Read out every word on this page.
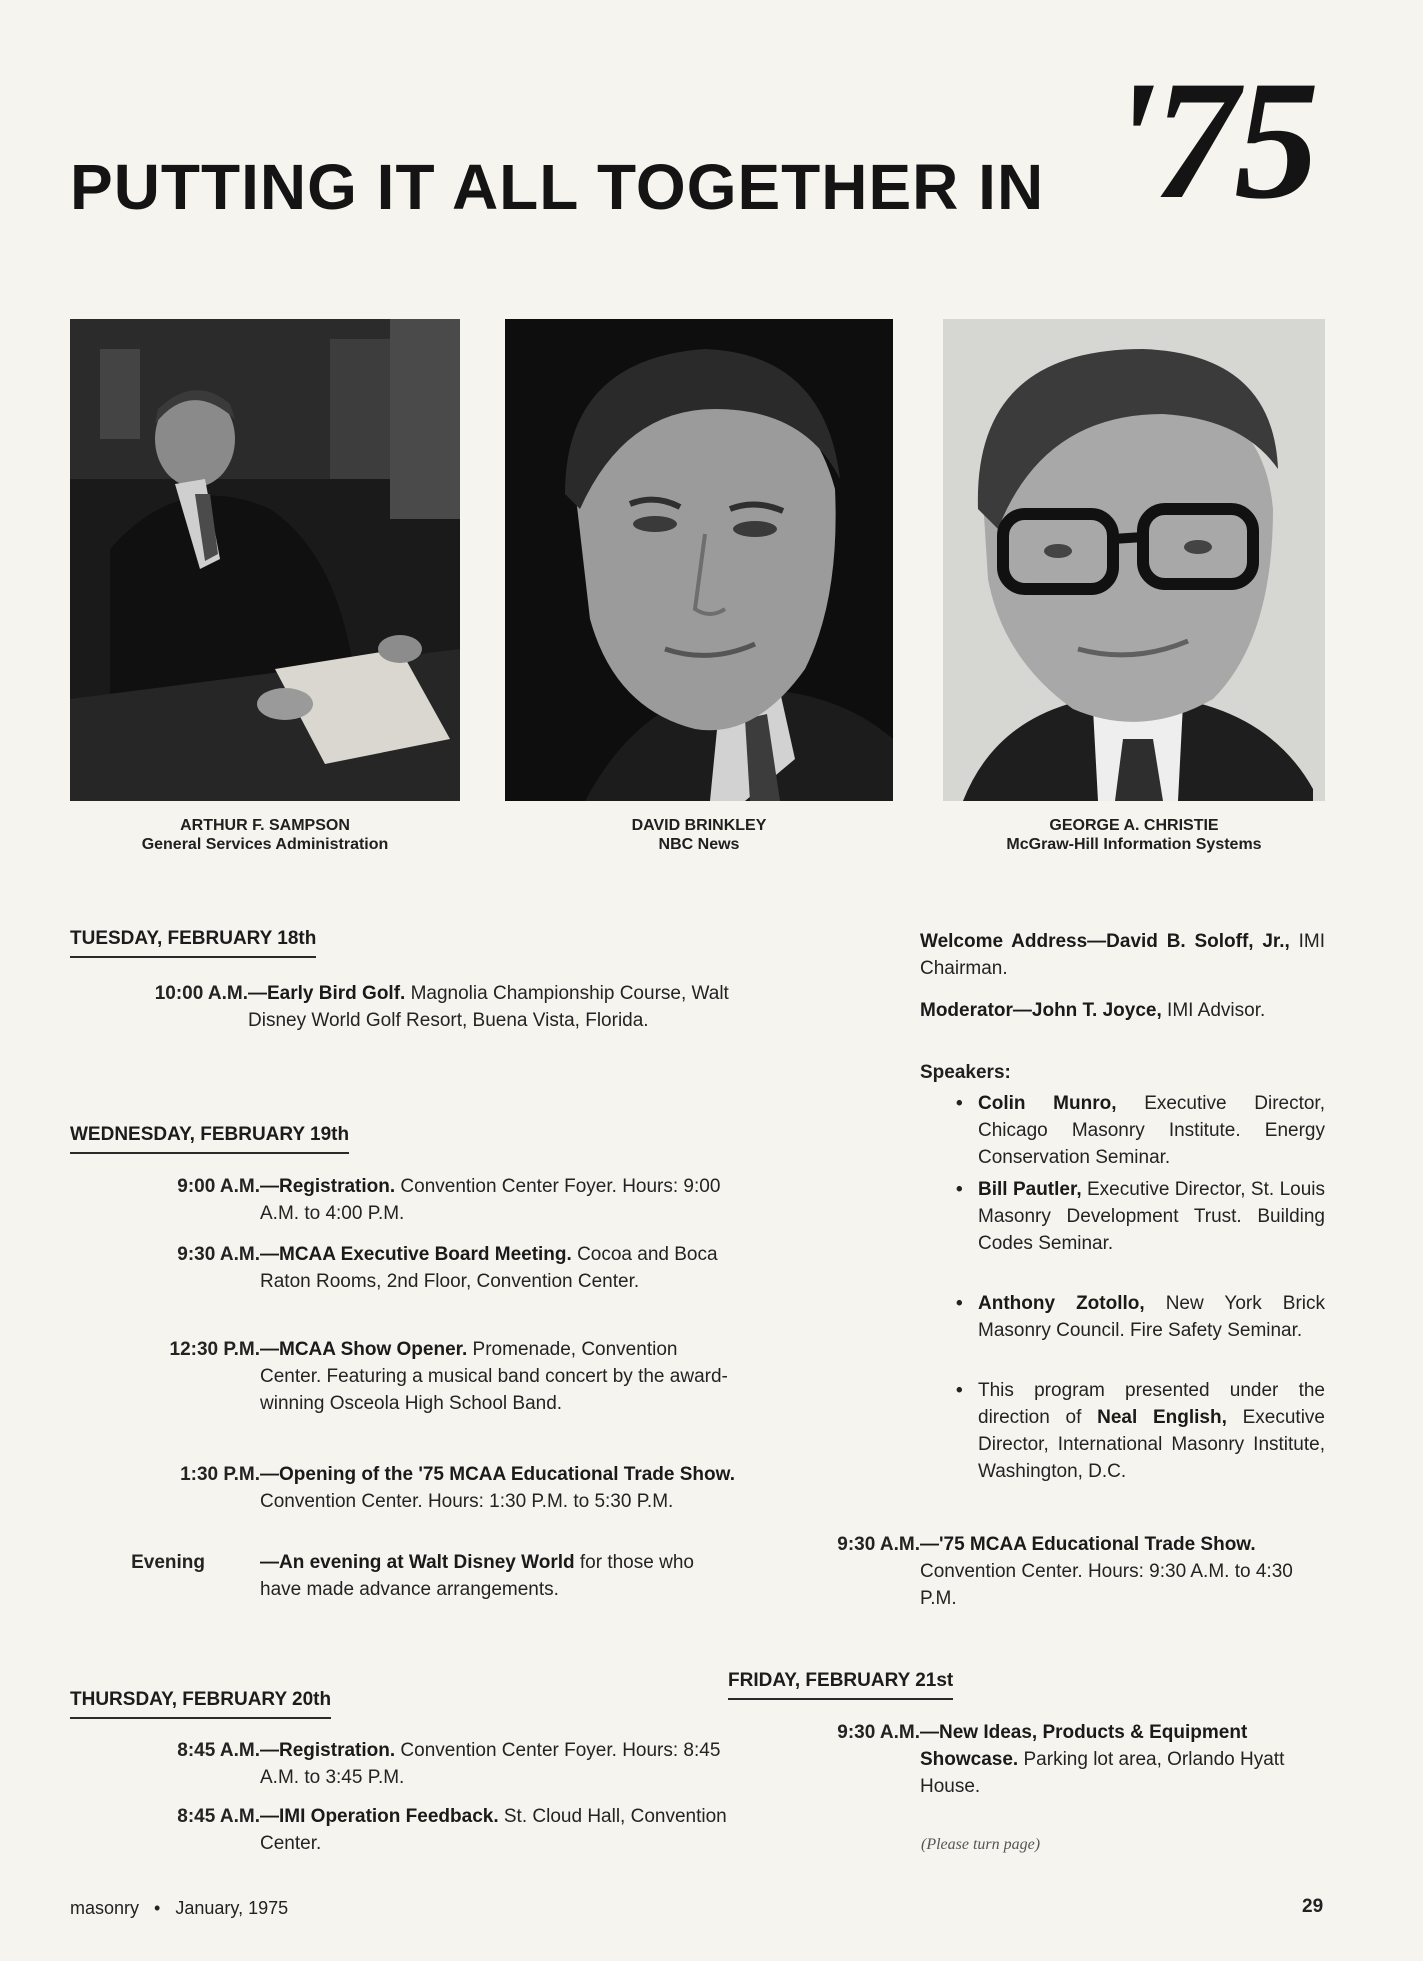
PUTTING IT ALL TOGETHER IN '75
ARTHUR F. SAMPSON
General Services Administration
DAVID BRINKLEY
NBC News
GEORGE A. CHRISTIE
McGraw-Hill Information Systems
TUESDAY, FEBRUARY 18th
10:00 A.M. —Early Bird Golf. Magnolia Championship Course, Walt Disney World Golf Resort, Buena Vista, Florida.
WEDNESDAY, FEBRUARY 19th
9:00 A.M. —Registration. Convention Center Foyer. Hours: 9:00 A.M. to 4:00 P.M.
9:30 A.M. —MCAA Executive Board Meeting. Cocoa and Boca Raton Rooms, 2nd Floor, Convention Center.
12:30 P.M. —MCAA Show Opener. Promenade, Convention Center. Featuring a musical band concert by the award-winning Osceola High School Band.
1:30 P.M. —Opening of the '75 MCAA Educational Trade Show. Convention Center. Hours: 1:30 P.M. to 5:30 P.M.
Evening	—An evening at Walt Disney World for those who have made advance arrangements.
THURSDAY, FEBRUARY 20th
8:45 A.M. —Registration. Convention Center Foyer. Hours: 8:45 A.M. to 3:45 P.M.
8:45 A.M. —IMI Operation Feedback. St. Cloud Hall, Convention Center.
Welcome Address—David B. Soloff, Jr., IMI Chairman.
Moderator—John T. Joyce, IMI Advisor.
Speakers:
• Colin Munro, Executive Director, Chicago Masonry Institute. Energy Conservation Seminar.
• Bill Pautler, Executive Director, St. Louis Masonry Development Trust. Building Codes Seminar.
• Anthony Zotollo, New York Brick Masonry Council. Fire Safety Seminar.
• This program presented under the direction of Neal English, Executive Director, International Masonry Institute, Washington, D.C.
9:30 A.M. —'75 MCAA Educational Trade Show. Convention Center. Hours: 9:30 A.M. to 4:30 P.M.
FRIDAY, FEBRUARY 21st
9:30 A.M. —New Ideas, Products & Equipment Showcase. Parking lot area, Orlando Hyatt House.
(Please turn page)
masonry • January, 1975	29
